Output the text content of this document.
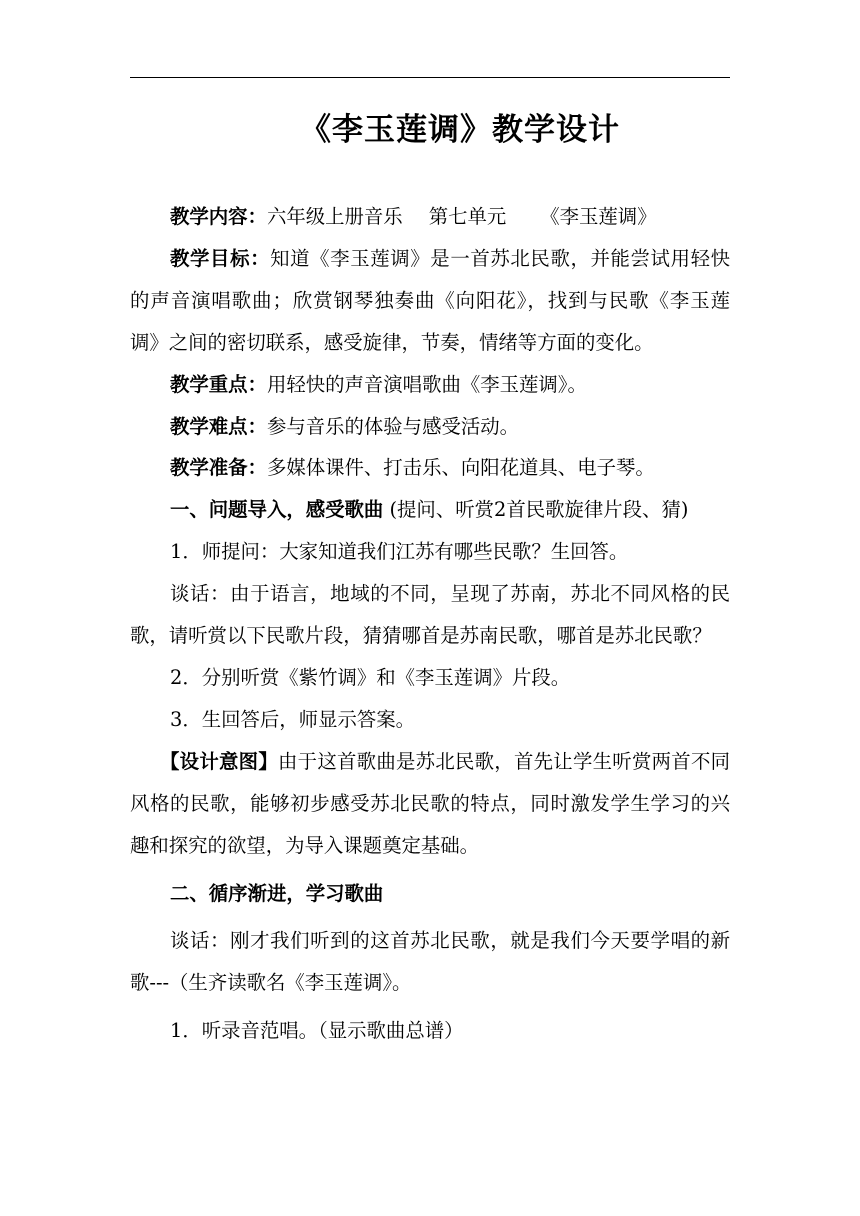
《李玉莲调》教学设计

教学内容：六年级上册音乐 第七单元 《李玉莲调》

教学目标：知道《李玉莲调》是一首苏北民歌，并能尝试用轻快的声音演唱歌曲；欣赏钢琴独奏曲《向阳花》，找到与民歌《李玉莲调》之间的密切联系，感受旋律，节奏，情绪等方面的变化。

教学重点：用轻快的声音演唱歌曲《李玉莲调》。

教学难点：参与音乐的体验与感受活动。

教学准备：多媒体课件、打击乐、向阳花道具、电子琴。

一、问题导入，感受歌曲 (提问、听赏2首民歌旋律片段、猜)

1．师提问：大家知道我们江苏有哪些民歌？生回答。

谈话：由于语言，地域的不同，呈现了苏南，苏北不同风格的民歌，请听赏以下民歌片段，猜猜哪首是苏南民歌，哪首是苏北民歌？

2．分别听赏《紫竹调》和《李玉莲调》片段。

3．生回答后，师显示答案。

【设计意图】由于这首歌曲是苏北民歌，首先让学生听赏两首不同风格的民歌，能够初步感受苏北民歌的特点，同时激发学生学习的兴趣和探究的欲望，为导入课题奠定基础。

二、循序渐进，学习歌曲

谈话：刚才我们听到的这首苏北民歌，就是我们今天要学唱的新歌---（生齐读歌名《李玉莲调》。

1．听录音范唱。（显示歌曲总谱）
